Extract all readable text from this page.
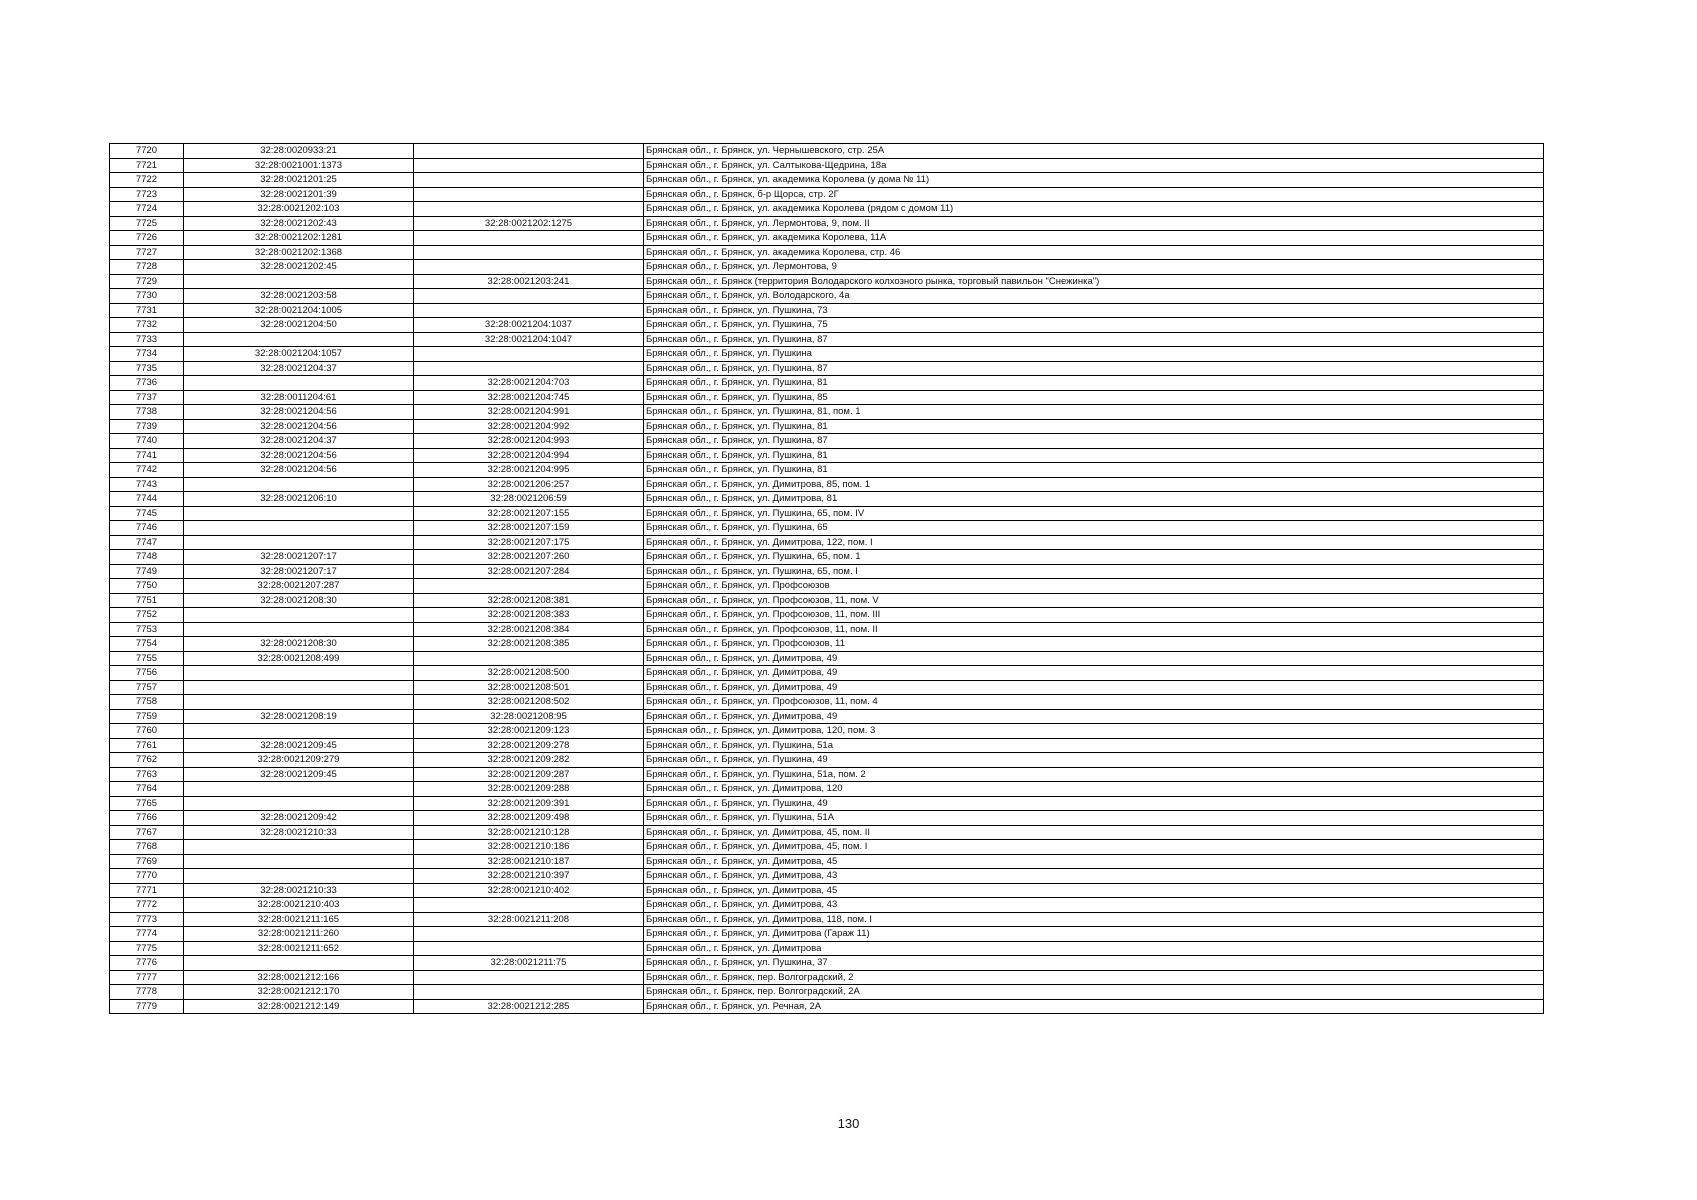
7720	32:28:0020933:21		Брянская обл., г. Брянск, ул. Чернышевского, стр. 25А
7721	32:28:0021001:1373		Брянская обл., г. Брянск, ул. Салтыкова-Щедрина, 18а
7722	32:28:0021201:25		Брянская обл., г. Брянск, ул. академика Королева (у дома № 11)
7723	32:28:0021201:39		Брянская обл., г. Брянск, б-р Щорса, стр. 2Г
7724	32:28:0021202:103		Брянская обл., г. Брянск, ул. академика Королева (рядом с домом 11)
7725	32:28:0021202:43	32:28:0021202:1275	Брянская обл., г. Брянск, ул. Лермонтова, 9, пом. II
7726	32:28:0021202:1281		Брянская обл., г. Брянск, ул. академика Королева, 11А
7727	32:28:0021202:1368		Брянская обл., г. Брянск, ул. академика Королева, стр. 46
7728	32:28:0021202:45		Брянская обл., г. Брянск, ул. Лермонтова, 9
7729		32:28:0021203:241	Брянская обл., г. Брянск (территория Володарского колхозного рынка, торговый павильон "Снежинка")
7730	32:28:0021203:58		Брянская обл., г. Брянск, ул. Володарского, 4а
7731	32:28:0021204:1005		Брянская обл., г. Брянск, ул. Пушкина, 73
7732	32:28:0021204:50	32:28:0021204:1037	Брянская обл., г. Брянск, ул. Пушкина, 75
7733		32:28:0021204:1047	Брянская обл., г. Брянск, ул. Пушкина, 87
7734	32:28:0021204:1057		Брянская обл., г. Брянск, ул. Пушкина
7735	32:28:0021204:37		Брянская обл., г. Брянск, ул. Пушкина, 87
7736		32:28:0021204:703	Брянская обл., г. Брянск, ул. Пушкина, 81
7737	32:28:0011204:61	32:28:0021204:745	Брянская обл., г. Брянск, ул. Пушкина, 85
7738	32:28:0021204:56	32:28:0021204:991	Брянская обл., г. Брянск, ул. Пушкина, 81, пом. 1
7739	32:28:0021204:56	32:28:0021204:992	Брянская обл., г. Брянск, ул. Пушкина, 81
7740	32:28:0021204:37	32:28:0021204:993	Брянская обл., г. Брянск, ул. Пушкина, 87
7741	32:28:0021204:56	32:28:0021204:994	Брянская обл., г. Брянск, ул. Пушкина, 81
7742	32:28:0021204:56	32:28:0021204:995	Брянская обл., г. Брянск, ул. Пушкина, 81
7743		32:28:0021206:257	Брянская обл., г. Брянск, ул. Димитрова, 85, пом. 1
7744	32:28:0021206:10	32:28:0021206:59	Брянская обл., г. Брянск, ул. Димитрова, 81
7745		32:28:0021207:155	Брянская обл., г. Брянск, ул. Пушкина, 65, пом. IV
7746		32:28:0021207:159	Брянская обл., г. Брянск, ул. Пушкина, 65
7747		32:28:0021207:175	Брянская обл., г. Брянск, ул. Димитрова, 122, пом. I
7748	32:28:0021207:17	32:28:0021207:260	Брянская обл., г. Брянск, ул. Пушкина, 65, пом. 1
7749	32:28:0021207:17	32:28:0021207:284	Брянская обл., г. Брянск, ул. Пушкина, 65, пом. I
7750	32:28:0021207:287		Брянская обл., г. Брянск, ул. Профсоюзов
7751	32:28:0021208:30	32:28:0021208:381	Брянская обл., г. Брянск, ул. Профсоюзов, 11, пом. V
7752		32:28:0021208:383	Брянская обл., г. Брянск, ул. Профсоюзов, 11, пом. III
7753		32:28:0021208:384	Брянская обл., г. Брянск, ул. Профсоюзов, 11, пом. II
7754	32:28:0021208:30	32:28:0021208:385	Брянская обл., г. Брянск, ул. Профсоюзов, 11
7755	32:28:0021208:499		Брянская обл., г. Брянск, ул. Димитрова, 49
7756		32:28:0021208:500	Брянская обл., г. Брянск, ул. Димитрова, 49
7757		32:28:0021208:501	Брянская обл., г. Брянск, ул. Димитрова, 49
7758		32:28:0021208:502	Брянская обл., г. Брянск, ул. Профсоюзов, 11, пом. 4
7759	32:28:0021208:19	32:28:0021208:95	Брянская обл., г. Брянск, ул. Димитрова, 49
7760		32:28:0021209:123	Брянская обл., г. Брянск, ул. Димитрова, 120, пом. 3
7761	32:28:0021209:45	32:28:0021209:278	Брянская обл., г. Брянск, ул. Пушкина, 51а
7762	32:28:0021209:279	32:28:0021209:282	Брянская обл., г. Брянск, ул. Пушкина, 49
7763	32:28:0021209:45	32:28:0021209:287	Брянская обл., г. Брянск, ул. Пушкина, 51а, пом. 2
7764		32:28:0021209:288	Брянская обл., г. Брянск, ул. Димитрова, 120
7765		32:28:0021209:391	Брянская обл., г. Брянск, ул. Пушкина, 49
7766	32:28:0021209:42	32:28:0021209:498	Брянская обл., г. Брянск, ул. Пушкина, 51А
7767	32:28:0021210:33	32:28:0021210:128	Брянская обл., г. Брянск, ул. Димитрова, 45, пом. II
7768		32:28:0021210:186	Брянская обл., г. Брянск, ул. Димитрова, 45, пом. I
7769		32:28:0021210:187	Брянская обл., г. Брянск, ул. Димитрова, 45
7770		32:28:0021210:397	Брянская обл., г. Брянск, ул. Димитрова, 43
7771	32:28:0021210:33	32:28:0021210:402	Брянская обл., г. Брянск, ул. Димитрова, 45
7772	32:28:0021210:403		Брянская обл., г. Брянск, ул. Димитрова, 43
7773	32:28:0021211:165	32:28:0021211:208	Брянская обл., г. Брянск, ул. Димитрова, 118, пом. I
7774	32:28:0021211:260		Брянская обл., г. Брянск, ул. Димитрова (Гараж 11)
7775	32:28:0021211:652		Брянская обл., г. Брянск, ул. Димитрова
7776		32:28:0021211:75	Брянская обл., г. Брянск, ул. Пушкина, 37
7777	32:28:0021212:166		Брянская обл., г. Брянск, пер. Волгоградский, 2
7778	32:28:0021212:170		Брянская обл., г. Брянск, пер. Волгоградский, 2А
7779	32:28:0021212:149	32:28:0021212:285	Брянская обл., г. Брянск, ул. Речная, 2А
130
